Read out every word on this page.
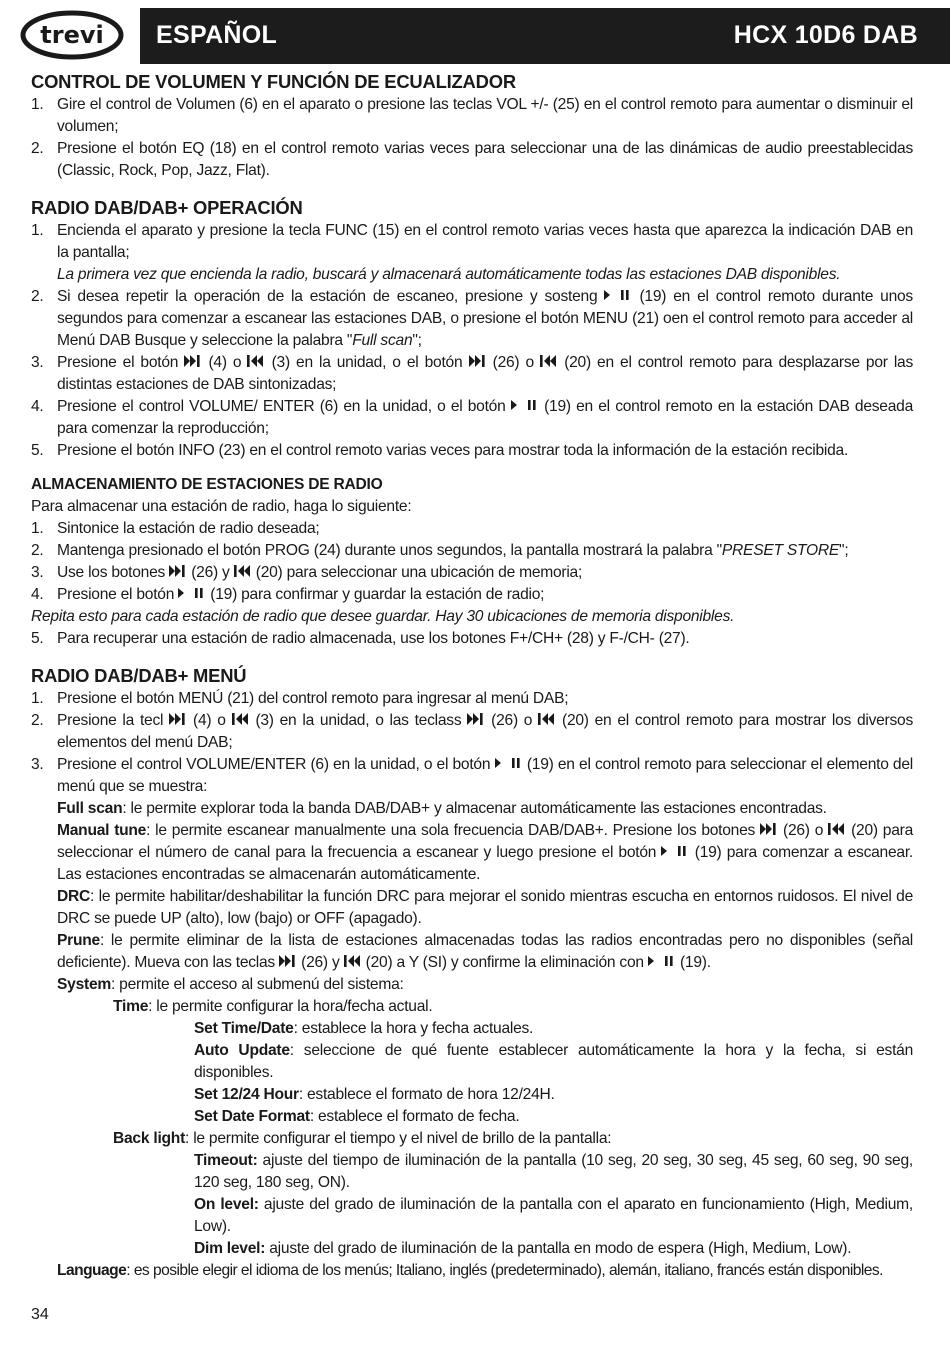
trevi ESPAÑOL	HCX 10D6 DAB
CONTROL DE VOLUMEN Y FUNCIÓN DE ECUALIZADOR
1. Gire el control de Volumen (6) en el aparato o presione las teclas VOL +/- (25) en el control remoto para aumentar o disminuir el volumen;
2. Presione el botón EQ (18) en el control remoto varias veces para seleccionar una de las dinámicas de audio preestablecidas (Classic, Rock, Pop, Jazz, Flat).
RADIO DAB/DAB+ OPERACIÓN
1. Encienda el aparato y presione la tecla FUNC (15) en el control remoto varias veces hasta que aparezca la indicación DAB en la pantalla;
La primera vez que encienda la radio, buscará y almacenará automáticamente todas las estaciones DAB disponibles.
2. Si desea repetir la operación de la estación de escaneo, presione y sosteng  (19) en el control remoto durante unos segundos para comenzar a escanear las estaciones DAB, o presione el botón MENU (21) oen el control remoto para acceder al Menú DAB Busque y seleccione la palabra "Full scan";
3. Presione el botón  (4) o  (3) en la unidad, o el botón  (26) o  (20) en el control remoto para desplazarse por las distintas estaciones de DAB sintonizadas;
4. Presione el control VOLUME/ ENTER (6) en la unidad, o el botón  (19) en el control remoto en la estación DAB deseada para comenzar la reproducción;
5. Presione el botón INFO (23) en el control remoto varias veces para mostrar toda la información de la estación recibida.
ALMACENAMIENTO DE ESTACIONES DE RADIO

Para almacenar una estación de radio, haga lo siguiente:

1. Sintonice la estación de radio deseada;
2. Mantenga presionado el botón PROG (24) durante unos segundos, la pantalla mostrará la palabra "PRESET STORE";
3. Use los botones  (26) y  (20) para seleccionar una ubicación de memoria;
4. Presione el botón  (19) para confirmar y guardar la estación de radio;

Repita esto para cada estación de radio que desee guardar. Hay 30 ubicaciones de memoria disponibles.

5. Para recuperar una estación de radio almacenada, use los botones F+/CH+ (28) y F-/CH- (27).
RADIO DAB/DAB+ MENÚ
1. Presione el botón MENÚ (21) del control remoto para ingresar al menú DAB;
2. Presione la tecl  (4) o  (3) en la unidad, o las teclass  (26) o  (20) en el control remoto para mostrar los diversos elementos del menú DAB;
3. Presione el control VOLUME/ENTER (6) en la unidad, o el botón  (19) en el control remoto para seleccionar el elemento del menú que se muestra:

Full scan: le permite explorar toda la banda DAB/DAB+ y almacenar automáticamente las estaciones encontradas.

Manual tune: le permite escanear manualmente una sola frecuencia DAB/DAB+. Presione los botones  (26) o  (20) para seleccionar el número de canal para la frecuencia a escanear y luego presione el botón  (19) para comenzar a escanear. Las estaciones encontradas se almacenarán automáticamente.

DRC: le permite habilitar/deshabilitar la función DRC para mejorar el sonido mientras escucha en entornos ruidosos. El nivel de DRC se puede UP (alto), low (bajo) or OFF (apagado).

Prune: le permite eliminar de la lista de estaciones almacenadas todas las radios encontradas pero no disponibles (señal deficiente). Mueva con las teclas  (26) y  (20) a Y (SI) y confirme la eliminación con  (19).

System: permite el acceso al submenú del sistema:

Time: le permite configurar la hora/fecha actual.

Set Time/Date: establece la hora y fecha actuales.

Auto Update: seleccione de qué fuente establecer automáticamente la hora y la fecha, si están disponibles.

Set 12/24 Hour: establece el formato de hora 12/24H.

Set Date Format: establece el formato de fecha.

Back light: le permite configurar el tiempo y el nivel de brillo de la pantalla:

Timeout: ajuste del tiempo de iluminación de la pantalla (10 seg, 20 seg, 30 seg, 45 seg, 60 seg, 90 seg, 120 seg, 180 seg, ON).

On level: ajuste del grado de iluminación de la pantalla con el aparato en funcionamiento (High, Medium, Low).

Dim level: ajuste del grado de iluminación de la pantalla en modo de espera (High, Medium, Low).

Language: es posible elegir el idioma de los menús; Italiano, inglés (predeterminado), alemán, italiano, francés están disponibles.

34
